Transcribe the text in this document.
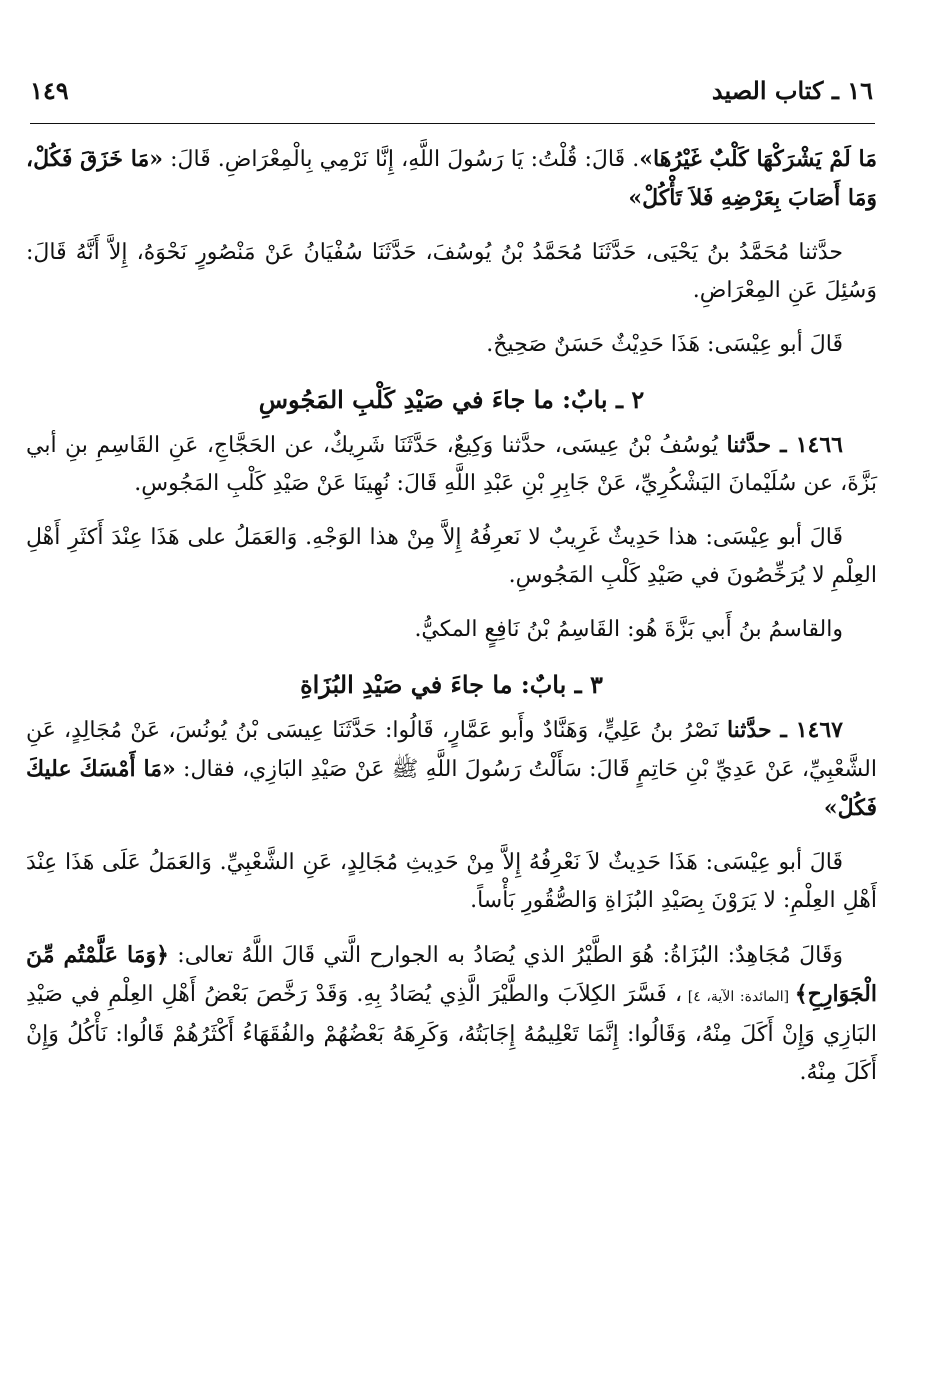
١٤٩	١٦ ـ كتاب الصيد

مَا لَمْ يَشْرَكْهَا كَلْبٌ غَيْرُهَا». قَالَ: قُلْتُ: يَا رَسُولَ اللَّهِ، إِنَّا نَرْمِي بِالْمِعْرَاضِ. قَالَ: «مَا خَزَقَ فَكُلْ، وَمَا أَصَابَ بِعَرْضِهِ فَلاَ تَأْكُلْ»

حدَّثنا مُحَمَّدُ بنُ يَحْيَى، حَدَّثَنَا مُحَمَّدُ بْنُ يُوسُفَ، حَدَّثَنَا سُفْيَانُ عَنْ مَنْصُورٍ نَحْوَهُ، إِلاَّ أَنَّهُ قَالَ: وَسُئِلَ عَنِ المِعْرَاضِ.

قَالَ أبو عِيْسَى: هَذَا حَدِيْثٌ حَسَنٌ صَحِيحٌ.

٢ ـ بابٌ: ما جاءَ في صَيْدِ كَلْبِ المَجُوسِ

١٤٦٦ ـ حدَّثنا يُوسُفُ بْنُ عِيسَى، حدَّثنا وَكِيعٌ، حَدَّثَنَا شَرِيكٌ، عن الحَجَّاجِ، عَنِ القَاسِمِ بنِ أبي بَزَّةَ، عن سُلَيْمانَ اليَشْكُرِيِّ، عَنْ جَابِرِ بْنِ عَبْدِ اللَّهِ قَالَ: نُهِينَا عَنْ صَيْدِ كَلْبِ المَجُوسِ.

قَالَ أبو عِيْسَى: هذا حَدِيثٌ غَرِيبٌ لا نَعرِفُهُ إِلاَّ مِنْ هذا الوَجْهِ. وَالعَمَلُ على هَذَا عِنْدَ أَكثَرِ أَهْلِ العِلْمِ لا يُرَخِّصُونَ في صَيْدِ كَلْبِ المَجُوسِ.

والقاسمُ بنُ أَبي بَزَّةَ هُو: القَاسِمُ بْنُ نَافِعٍ المكيُّ.

٣ ـ بابٌ: ما جاءَ في صَيْدِ البُزَاةِ

١٤٦٧ ـ حدَّثنا نَصْرُ بنُ عَلِيٍّ، وَهَنَّادٌ وأَبو عَمَّارٍ، قَالُوا: حَدَّثَنَا عِيسَى بْنُ يُونُسَ، عَنْ مُجَالِدٍ، عَنِ الشَّعْبِيِّ، عَنْ عَدِيِّ بْنِ حَاتِمٍ قَالَ: سَأَلْتُ رَسُولَ اللَّهِ ﷺ عَنْ صَيْدِ البَازِي، فقال: «مَا أَمْسَكَ عليكَ فَكُلْ»

قَالَ أبو عِيْسَى: هَذَا حَدِيثٌ لاَ نَعْرِفُهُ إِلاَّ مِنْ حَدِيثِ مُجَالِدٍ، عَنِ الشَّعْبِيِّ. وَالعَمَلُ عَلَى هَذَا عِنْدَ أَهْلِ العِلْمِ: لا يَرَوْنَ بِصَيْدِ البُزَاةِ وَالصُّقُورِ بَأْساً.

وَقَالَ مُجَاهِدٌ: البُزَاةُ: هُوَ الطَّيْرُ الذي يُصَادُ به الجوارح الَّتي قَالَ اللَّهُ تعالى: ﴿وَمَا عَلَّمْتُم مِّنَ الْجَوَارِحِ﴾ [المائدة: الآية، ٤] ، فَسَّرَ الكِلاَبَ والطَّيْرَ الَّذِي يُصَادُ بِهِ. وَقَدْ رَخَّصَ بَعْضُ أَهْلِ العِلْمِ في صَيْدِ البَازِي وَإِنْ أَكَلَ مِنْهُ، وَقَالُوا: إِنَّمَا تَعْلِيمُهُ إِجَابَتُهُ، وَكَرِهَهُ بَعْضُهُمْ والفُقَهَاءُ أَكْثَرُهُمْ قَالُوا: نَأْكُلُ وَإِنْ أَكَلَ مِنْهُ.
